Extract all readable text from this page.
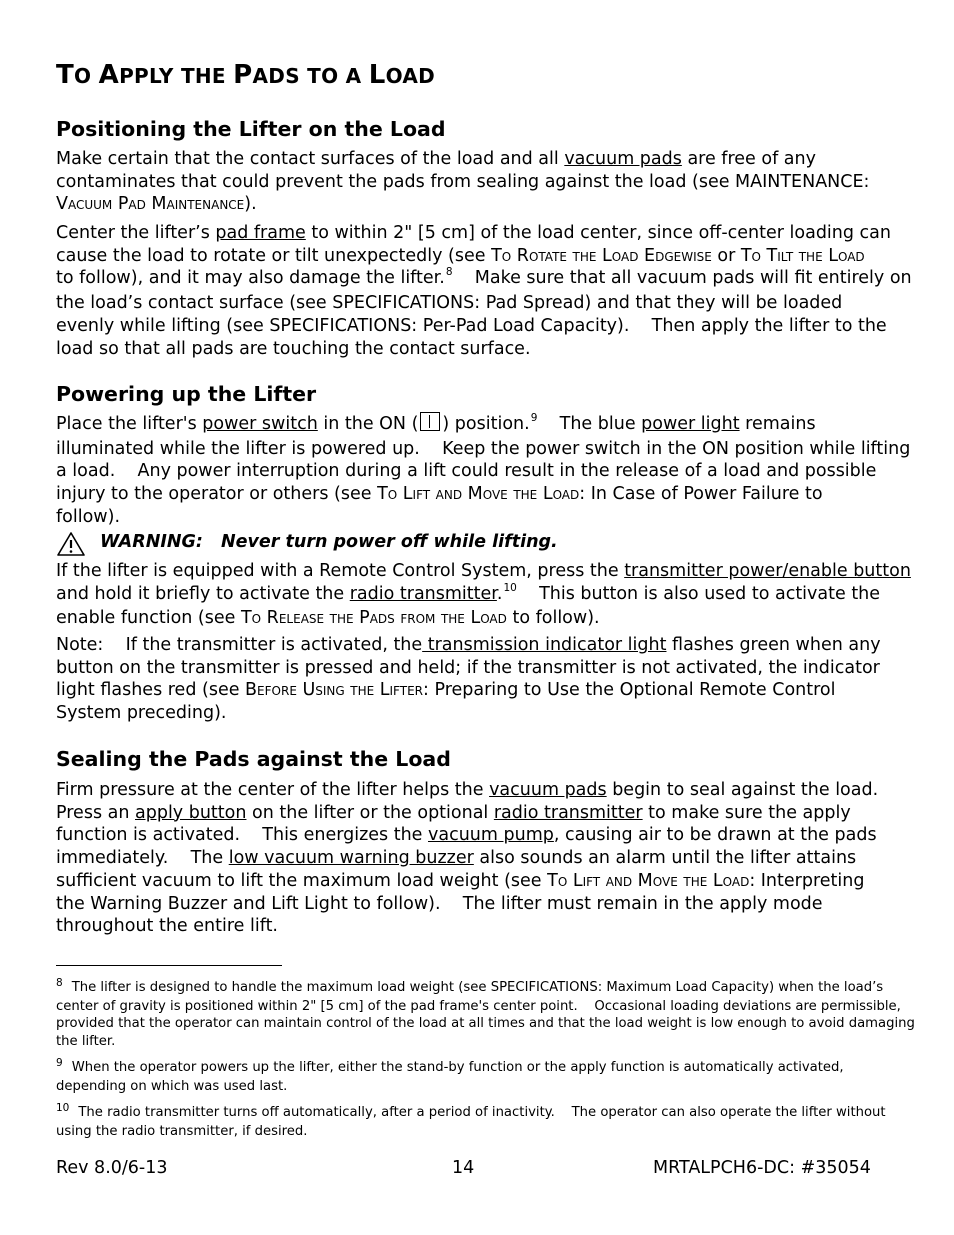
TO APPLY THE PADS TO A LOAD
Positioning the Lifter on the Load
Make certain that the contact surfaces of the load and all vacuum pads are free of any
contaminates that could prevent the pads from sealing against the load (see MAINTENANCE:
Vacuum Pad Maintenance).
Center the lifter’s pad frame to within 2" [5 cm] of the load center, since off-center loading can
cause the load to rotate or tilt unexpectedly (see To Rotate the Load Edgewise or To Tilt the Load
to follow), and it may also damage the lifter.$^8$    Make sure that all vacuum pads will fit entirely on
the load’s contact surface (see SPECIFICATIONS: Pad Spread) and that they will be loaded
evenly while lifting (see SPECIFICATIONS: Per-Pad Load Capacity).    Then apply the lifter to the
load so that all pads are touching the contact surface.
Powering up the Lifter
Place the lifter's power switch in the ON ( ) position.$^9$    The blue power light remains
illuminated while the lifter is powered up.    Keep the power switch in the ON position while lifting
a load.    Any power interruption during a lift could result in the release of a load and possible
injury to the operator or others (see To Lift and Move the Load: In Case of Power Failure to
follow).
WARNING: Never turn power off while lifting.
If the lifter is equipped with a Remote Control System, press the transmitter power/enable button
and hold it briefly to activate the radio transmitter.$^{10}$    This button is also used to activate the
enable function (see To Release the Pads from the Load to follow).
Note:    If the transmitter is activated, the transmission indicator light flashes green when any
button on the transmitter is pressed and held; if the transmitter is not activated, the indicator
light flashes red (see Before Using the Lifter: Preparing to Use the Optional Remote Control
System preceding).
Sealing the Pads against the Load
Firm pressure at the center of the lifter helps the vacuum pads begin to seal against the load.
Press an apply button on the lifter or the optional radio transmitter to make sure the apply
function is activated.    This energizes the vacuum pump, causing air to be drawn at the pads
immediately.    The low vacuum warning buzzer also sounds an alarm until the lifter attains
sufficient vacuum to lift the maximum load weight (see To Lift and Move the Load: Interpreting
the Warning Buzzer and Lift Light to follow).    The lifter must remain in the apply mode
throughout the entire lift.
$^8$ The lifter is designed to handle the maximum load weight (see SPECIFICATIONS: Maximum Load Capacity) when the load’s
center of gravity is positioned within 2" [5 cm] of the pad frame's center point.    Occasional loading deviations are permissible,
provided that the operator can maintain control of the load at all times and that the load weight is low enough to avoid damaging
the lifter.
$^9$ When the operator powers up the lifter, either the stand-by function or the apply function is automatically activated,
depending on which was used last.
$^{10}$ The radio transmitter turns off automatically, after a period of inactivity.    The operator can also operate the lifter without
using the radio transmitter, if desired.
Rev 8.0/6-13	14	MRTALPCH6-DC: #35054
